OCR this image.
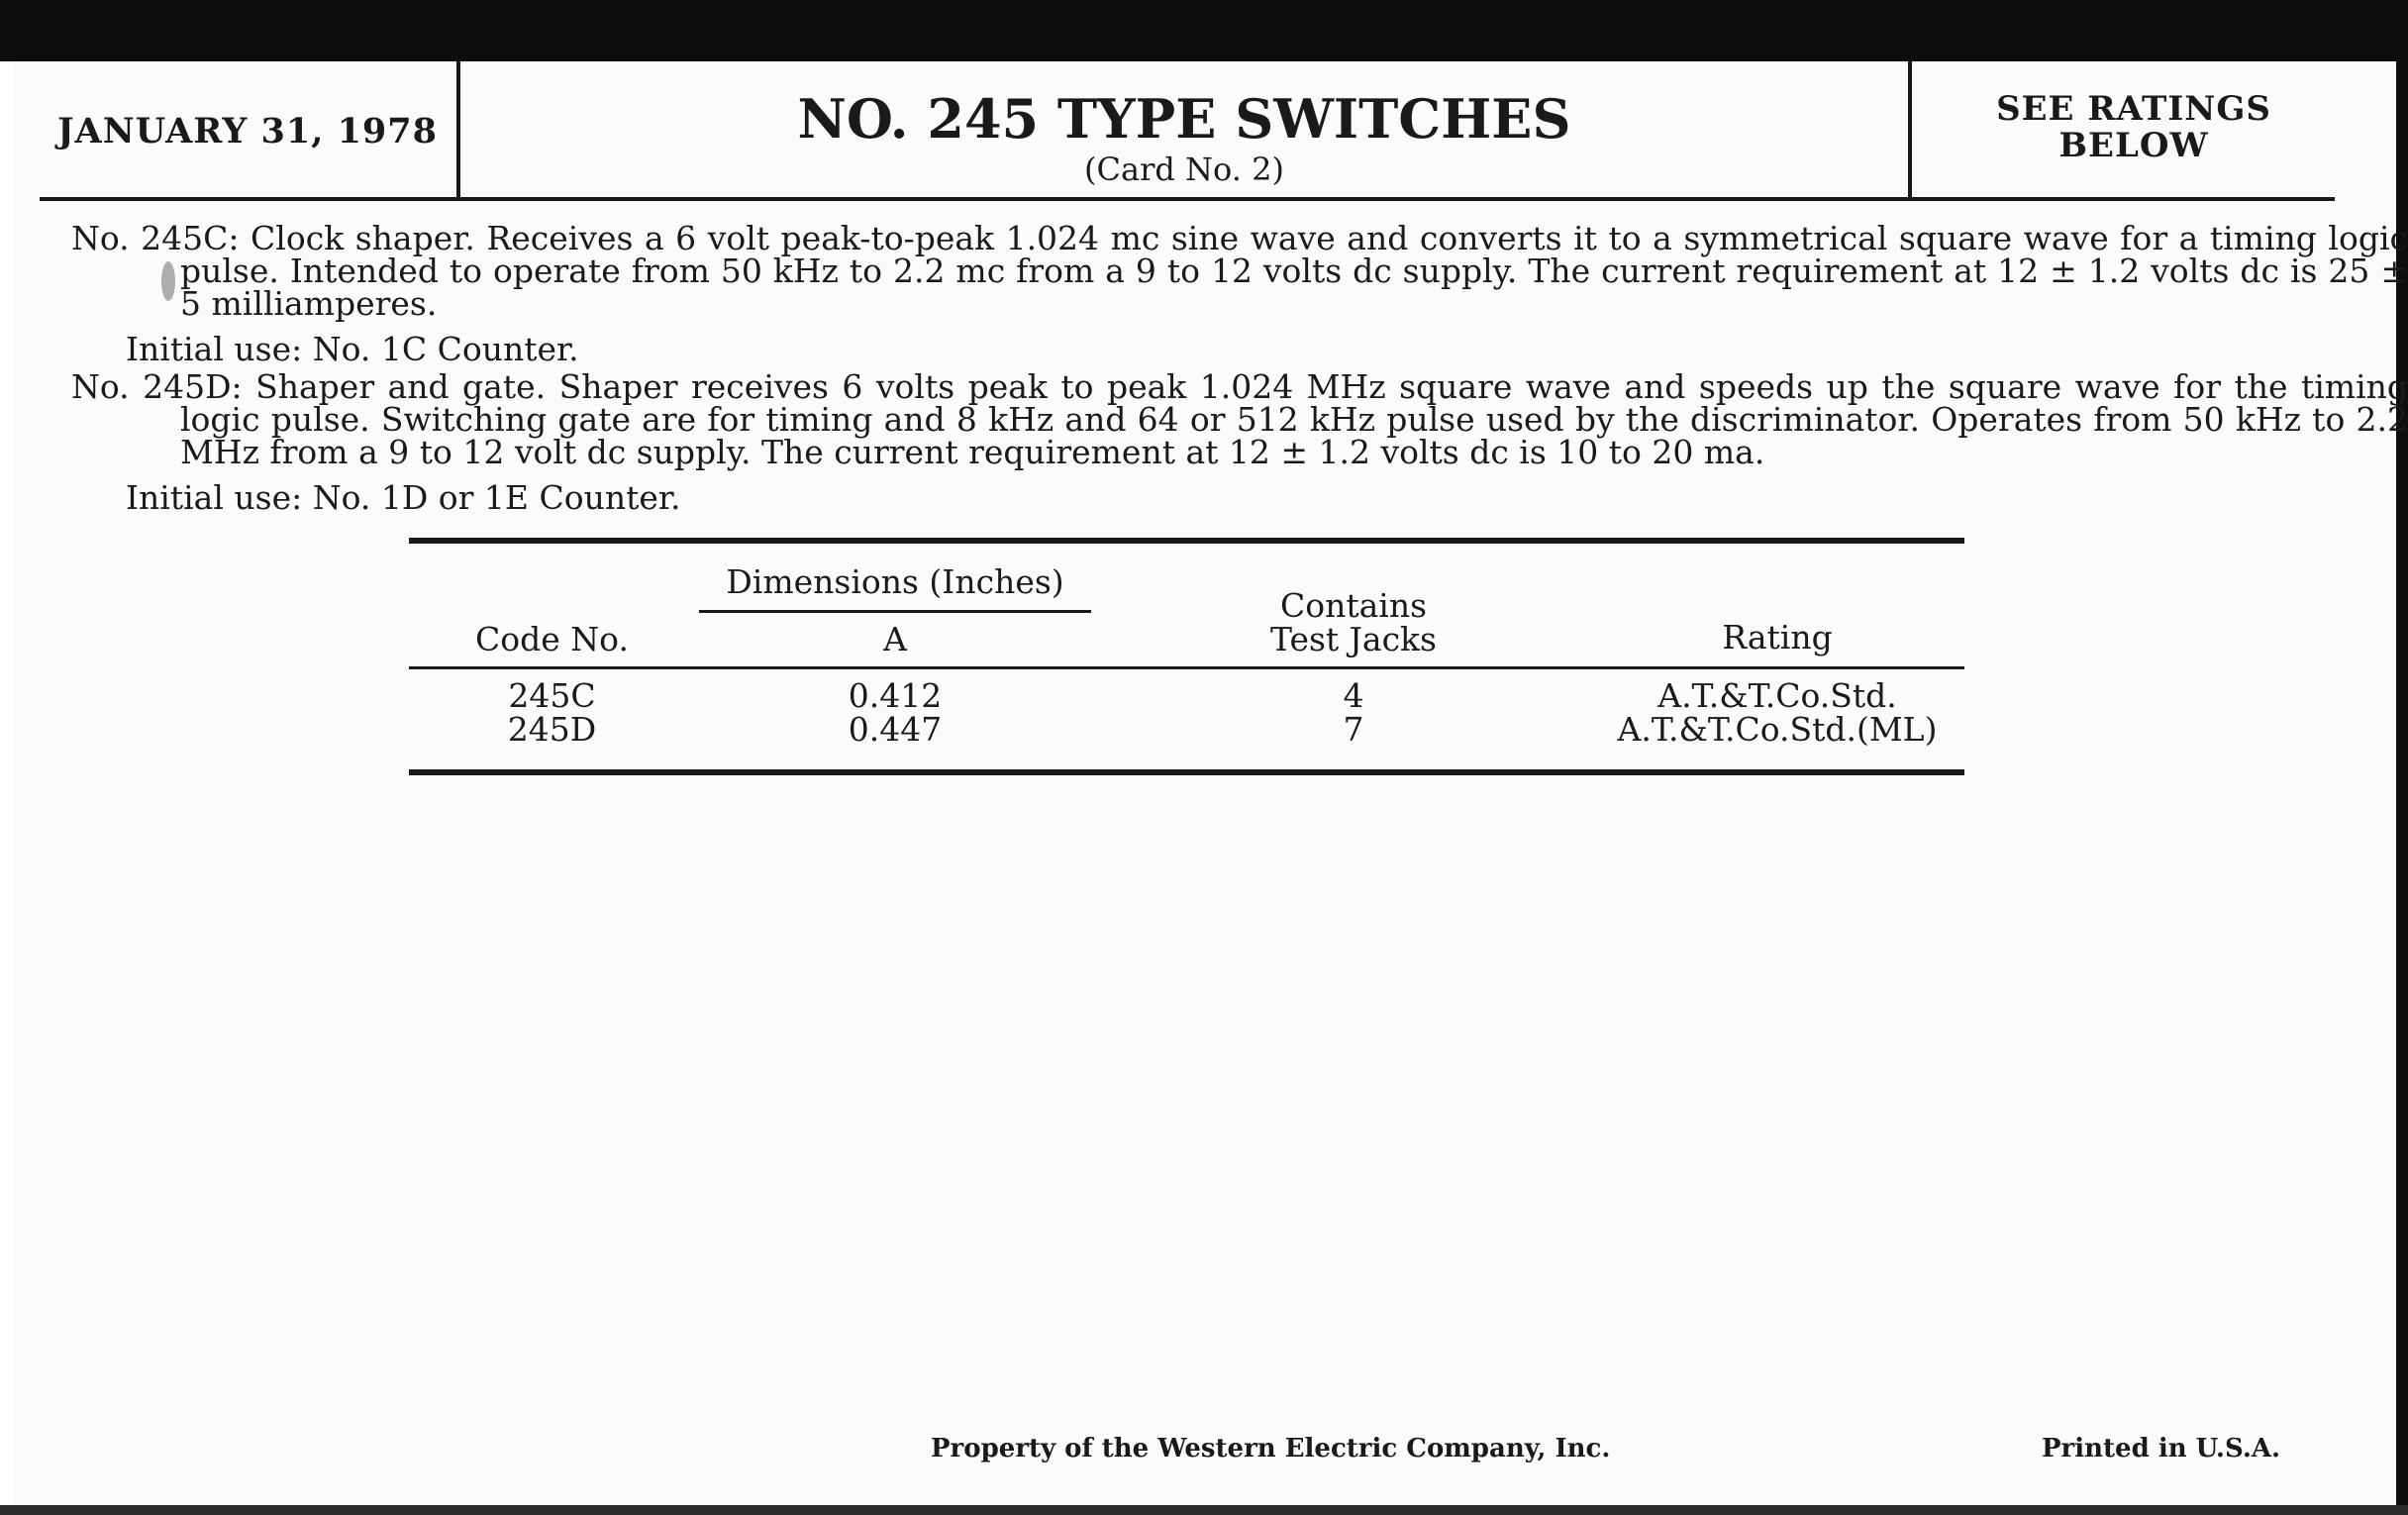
JANUARY 31, 1978	NO. 245 TYPE SWITCHES
(Card No. 2)
SEE RATINGS
BELOW
No. 245C: Clock shaper. Receives a 6 volt peak-to-peak 1.024 mc sine wave and converts it to a symmetrical square wave for a timing logic pulse. Intended to operate from 50 kHz to 2.2 mc from a 9 to 12 volts dc supply. The current requirement at 12 ± 1.2 volts dc is 25 ± 5 milliamperes.
Initial use: No. 1C Counter.
No. 245D: Shaper and gate. Shaper receives 6 volts peak to peak 1.024 MHz square wave and speeds up the square wave for the timing logic pulse. Switching gate are for timing and 8 kHz and 64 or 512 kHz pulse used by the discriminator. Operates from 50 kHz to 2.2 MHz from a 9 to 12 volt dc supply. The current requirement at 12 ± 1.2 volts dc is 10 to 20 ma.
Initial use: No. 1D or 1E Counter.
Dimensions (Inches)
Code No.	A
Contains
Test Jacks	Rating
245C	0.412	4	A.T.&T.Co.Std.
245D	0.447	7	A.T.&T.Co.Std.(ML)
Property of the Western Electric Company, Inc.	Printed in U.S.A.
